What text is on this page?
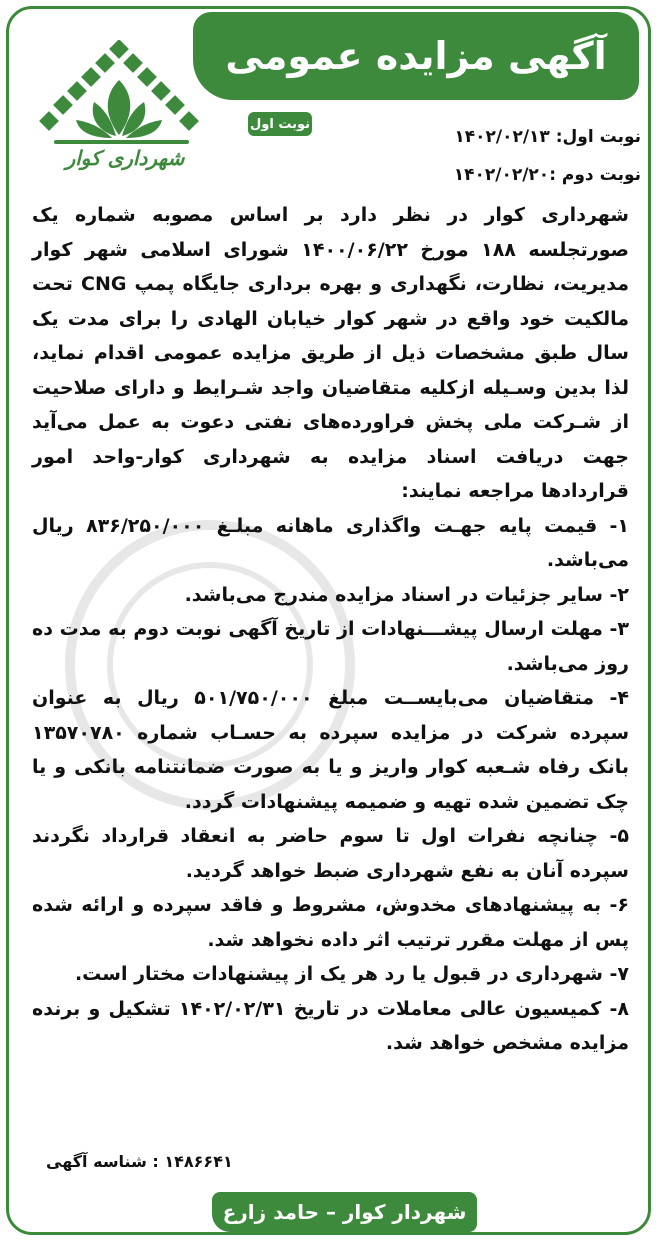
آگهی مزایده عمومی
نوبت اول
نوبت اول: ۱۴۰۲/۰۲/۱۳
نوبت دوم :۱۴۰۲/۰۲/۲۰
شهرداری کوار

شهرداری کوار در نظر دارد بر اساس مصوبه شماره یک صورتجلسه ۱۸۸ مورخ ۱۴۰۰/۰۶/۲۲ شورای اسلامی شهر کوار مدیریت، نظارت، نگهداری و بهره برداری جایگاه پمپ CNG تحت مالکیت خود واقع در شهر کوار خیابان الهادی را برای مدت یک سال طبق مشخصات ذیل از طریق مزایده عمومی اقدام نماید، لذا بدین وسـیله ازکلیه متقاضیان واجد شـرایط و دارای صلاحیت از شـرکت ملی پخش فراورده‌های نفتی دعوت به عمل می‌آید جهت دریافت اسناد مزایده به شهرداری کوار-واحد امور قراردادها مراجعه نمایند:

۱- قیمت پایه جهـت واگذاری ماهانه مبلـغ ۸۳۶/۲۵۰/۰۰۰ ریال می‌باشد.

۲- سایر جزئیات در اسناد مزایده مندرج می‌باشد.

۳- مهلت ارسال پیشـــنهادات از تاریخ آگهی نوبت دوم به مدت ده روز می‌باشد.

۴- متقاضیان می‌بایســت مبلغ ۵۰۱/۷۵۰/۰۰۰ ریال به عنوان سپرده شرکت در مزایده سپرده به حسـاب شماره ۱۳۵۷۰۷۸۰ بانک رفاه شـعبه کوار واریز و یا به صورت ضمانتنامه بانکی و یا چک تضمین شده تهیه و ضمیمه پیشنهادات گردد.

۵- چنانچه نفرات اول تا سوم حاضر به انعقاد قرارداد نگردند سپرده آنان به نفع شهرداری ضبط خواهد گردید.

۶- به پیشنهادهای مخدوش، مشروط و فاقد سپرده و ارائه شده پس از مهلت مقرر ترتیب اثر داده نخواهد شد.

۷- شهرداری در قبول یا رد هر یک از پیشنهادات مختار است.

۸- کمیسیون عالی معاملات در تاریخ ۱۴۰۲/۰۲/۳۱ تشکیل و برنده مزایده مشخص خواهد شد.

۱۴۸۶۶۴۱ : شناسه آگهی
شهردار کوار – حامد زارع
